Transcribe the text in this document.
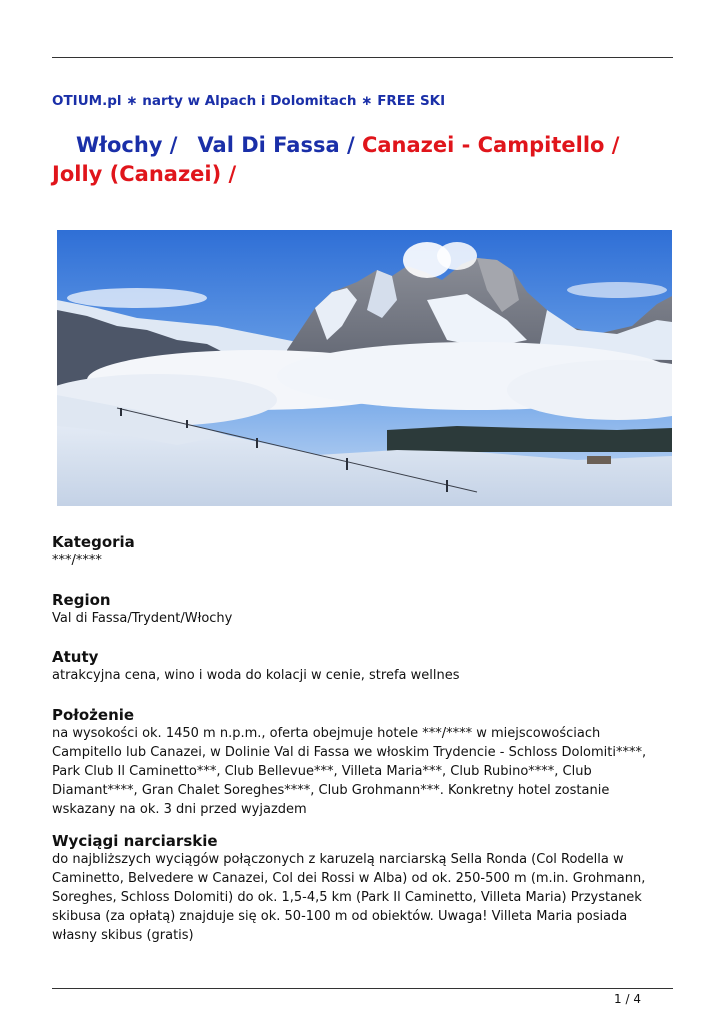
OTIUM.pl ∗ narty w Alpach i Dolomitach ∗ FREE SKI
Włochy / Val Di Fassa / Canazei - Campitello / Jolly (Canazei) /
Kategoria

***/****

Region

Val di Fassa/Trydent/Włochy

Atuty

atrakcyjna cena, wino i woda do kolacji w cenie, strefa wellnes

Położenie

na wysokości ok. 1450 m n.p.m., oferta obejmuje hotele ***/**** w miejscowościach Campitello lub Canazei, w Dolinie Val di Fassa we włoskim Trydencie - Schloss Dolomiti****, Park Club Il Caminetto***, Club Bellevue***, Villeta Maria***, Club Rubino****, Club Diamant****, Gran Chalet Soreghes****, Club Grohmann***. Konkretny hotel zostanie wskazany na ok. 3 dni przed wyjazdem

Wyciągi narciarskie

do najbliższych wyciągów połączonych z karuzelą narciarską Sella Ronda (Col Rodella w Caminetto, Belvedere w Canazei, Col dei Rossi w Alba) od ok. 250-500 m (m.in. Grohmann, Soreghes, Schloss Dolomiti) do ok. 1,5-4,5 km (Park Il Caminetto, Villeta Maria) Przystanek skibusa (za opłatą) znajduje się ok. 50-100 m od obiektów. Uwaga! Villeta Maria posiada własny skibus (gratis)

1 / 4
